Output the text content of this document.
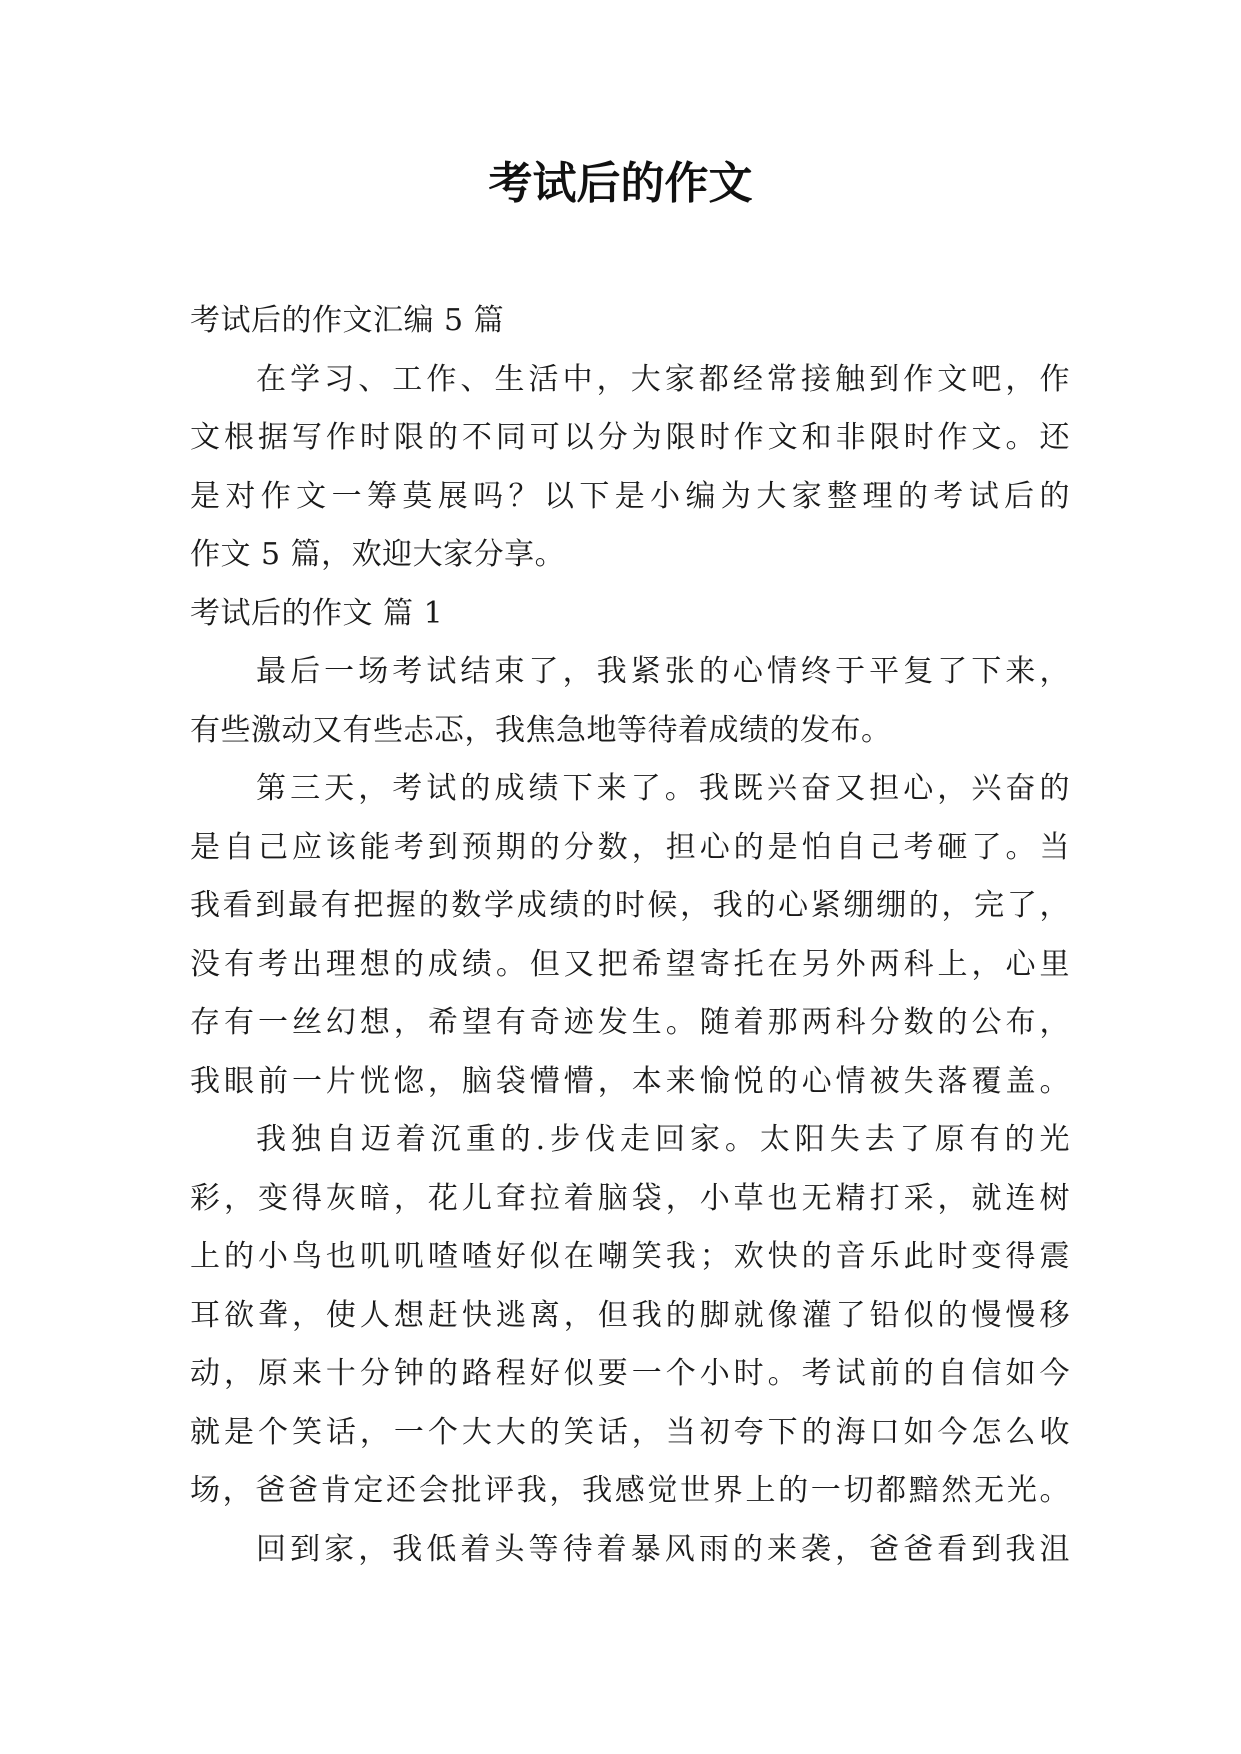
考试后的作文
考试后的作文汇编 5 篇
在学习、工作、生活中，大家都经常接触到作文吧，作
文根据写作时限的不同可以分为限时作文和非限时作文。还
是对作文一筹莫展吗？以下是小编为大家整理的考试后的
作文 5 篇，欢迎大家分享。
考试后的作文 篇 1
最后一场考试结束了，我紧张的心情终于平复了下来，
有些激动又有些忐忑，我焦急地等待着成绩的发布。
第三天，考试的成绩下来了。我既兴奋又担心，兴奋的
是自己应该能考到预期的分数，担心的是怕自己考砸了。当
我看到最有把握的数学成绩的时候，我的心紧绷绷的，完了，
没有考出理想的成绩。但又把希望寄托在另外两科上，心里
存有一丝幻想，希望有奇迹发生。随着那两科分数的公布，
我眼前一片恍惚，脑袋懵懵，本来愉悦的心情被失落覆盖。
我独自迈着沉重的.步伐走回家。太阳失去了原有的光
彩，变得灰暗，花儿耷拉着脑袋，小草也无精打采，就连树
上的小鸟也叽叽喳喳好似在嘲笑我；欢快的音乐此时变得震
耳欲聋，使人想赶快逃离，但我的脚就像灌了铅似的慢慢移
动，原来十分钟的路程好似要一个小时。考试前的自信如今
就是个笑话，一个大大的笑话，当初夸下的海口如今怎么收
场，爸爸肯定还会批评我，我感觉世界上的一切都黯然无光。
回到家，我低着头等待着暴风雨的来袭，爸爸看到我沮
